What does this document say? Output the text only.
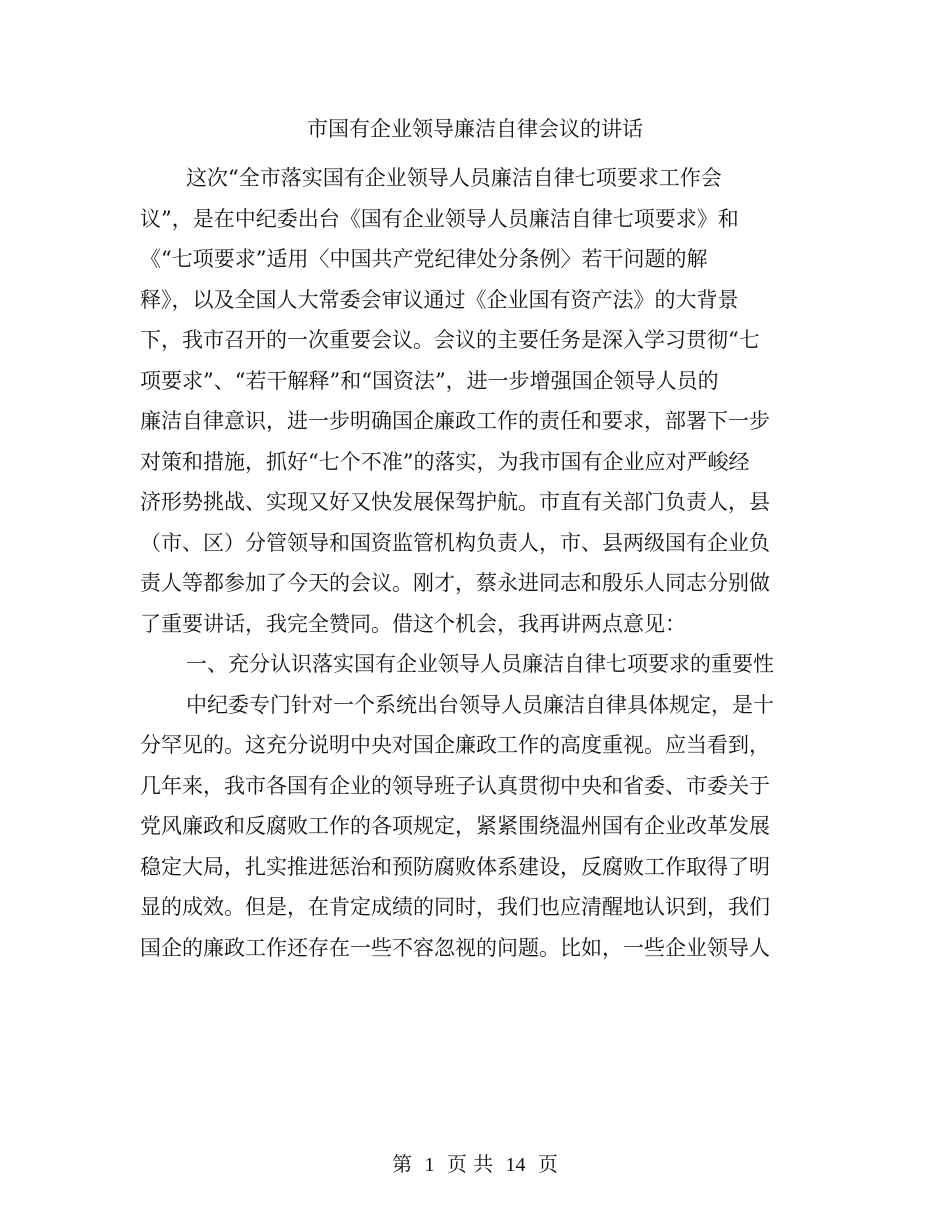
市国有企业领导廉洁自律会议的讲话

这次“全市落实国有企业领导人员廉洁自律七项要求工作会

议”，是在中纪委出台《国有企业领导人员廉洁自律七项要求》和

《“七项要求”适用〈中国共产党纪律处分条例〉若干问题的解

释》，以及全国人大常委会审议通过《企业国有资产法》的大背景

下，我市召开的一次重要会议。会议的主要任务是深入学习贯彻“七

项要求”、“若干解释”和“国资法”，进一步增强国企领导人员的

廉洁自律意识，进一步明确国企廉政工作的责任和要求，部署下一步

对策和措施，抓好“七个不准”的落实，为我市国有企业应对严峻经

济形势挑战、实现又好又快发展保驾护航。市直有关部门负责人，县

（市、区）分管领导和国资监管机构负责人，市、县两级国有企业负

责人等都参加了今天的会议。刚才，蔡永进同志和殷乐人同志分别做

了重要讲话，我完全赞同。借这个机会，我再讲两点意见：

一、充分认识落实国有企业领导人员廉洁自律七项要求的重要性

中纪委专门针对一个系统出台领导人员廉洁自律具体规定，是十

分罕见的。这充分说明中央对国企廉政工作的高度重视。应当看到，

几年来，我市各国有企业的领导班子认真贯彻中央和省委、市委关于

党风廉政和反腐败工作的各项规定，紧紧围绕温州国有企业改革发展

稳定大局，扎实推进惩治和预防腐败体系建设，反腐败工作取得了明

显的成效。但是，在肯定成绩的同时，我们也应清醒地认识到，我们

国企的廉政工作还存在一些不容忽视的问题。比如，一些企业领导人

第 1 页 共 14 页
